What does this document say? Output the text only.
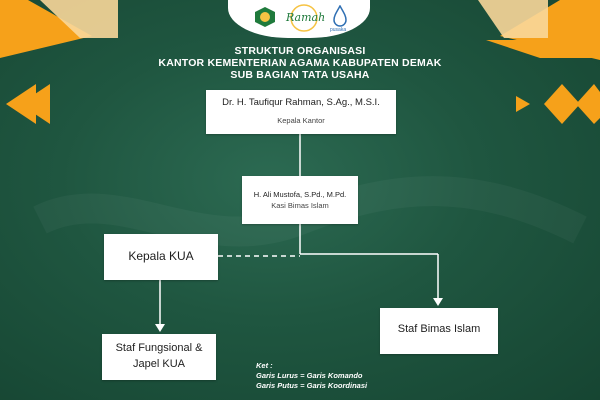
Ramah
pusaka
STRUKTUR ORGANISASI
KANTOR KEMENTERIAN AGAMA KABUPATEN DEMAK
SUB BAGIAN TATA USAHA
Dr. H. Taufiqur Rahman, S.Ag., M.S.I.
Kepala Kantor
H. Ali Mustofa, S.Pd., M.Pd.
Kasi Bimas Islam
Kepala KUA
Staf Bimas Islam
Staf Fungsional &
Japel KUA	Ket :
Garis Lurus = Garis Komando
Garis Putus = Garis Koordinasi
